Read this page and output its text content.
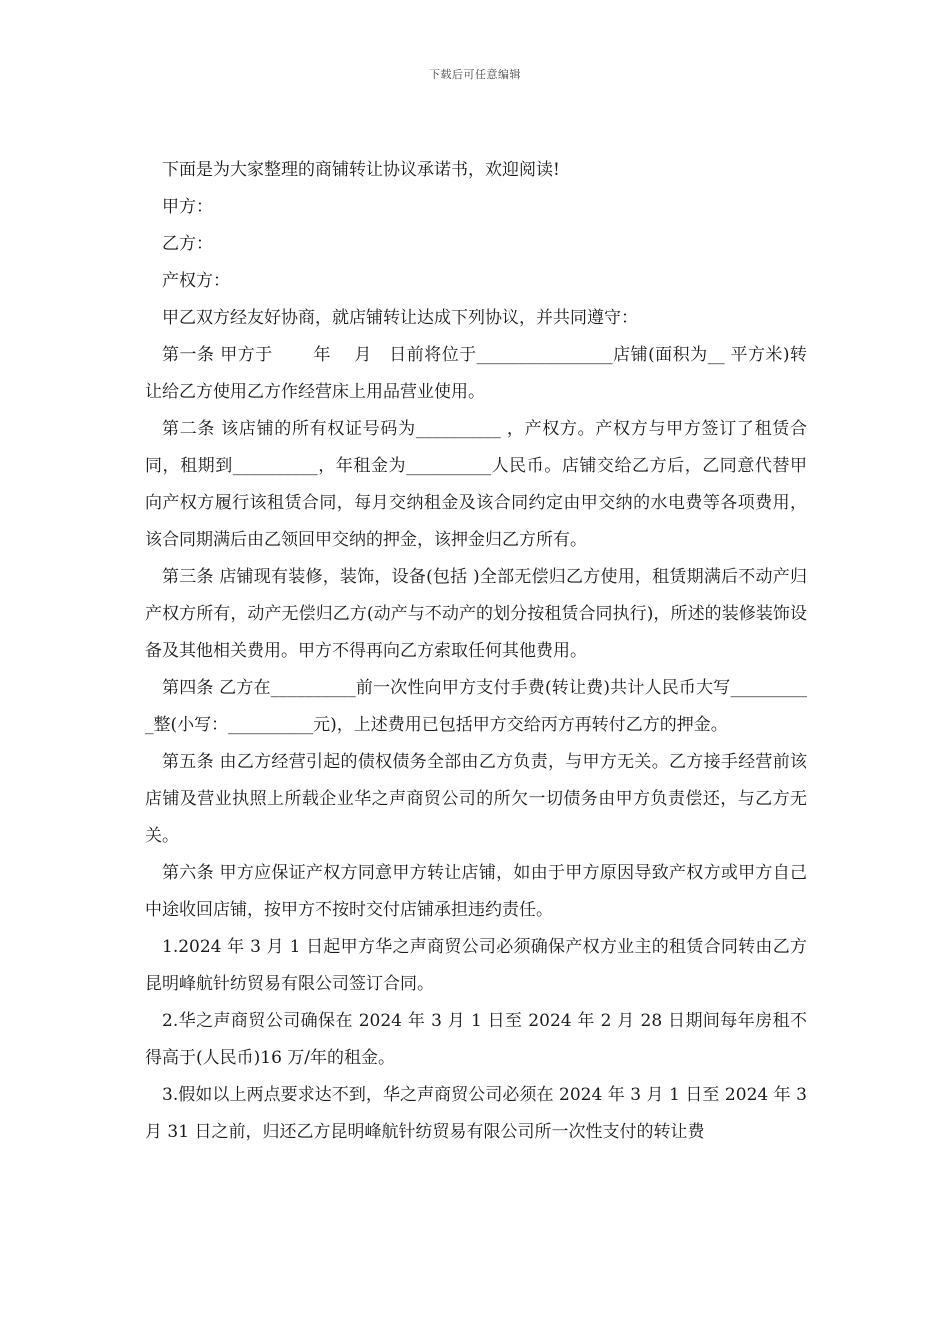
下载后可任意编辑

下面是为大家整理的商铺转让协议承诺书，欢迎阅读!

甲方：

乙方：

产权方：

甲乙双方经友好协商，就店铺转让达成下列协议，并共同遵守：

第一条 甲方于　　 年　 月　日前将位于________________店铺(面积为__ 平方米)转让给乙方使用乙方作经营床上用品营业使用。

第二条 该店铺的所有权证号码为__________ ，产权方。产权方与甲方签订了租赁合同，租期到__________，年租金为__________人民币。店铺交给乙方后，乙同意代替甲向产权方履行该租赁合同，每月交纳租金及该合同约定由甲交纳的水电费等各项费用，该合同期满后由乙领回甲交纳的押金，该押金归乙方所有。

第三条 店铺现有装修，装饰，设备(包括 )全部无偿归乙方使用，租赁期满后不动产归产权方所有，动产无偿归乙方(动产与不动产的划分按租赁合同执行)，所述的装修装饰设备及其他相关费用。甲方不得再向乙方索取任何其他费用。

第四条 乙方在__________前一次性向甲方支付手费(转让费)共计人民币大写__________整(小写：__________元)，上述费用已包括甲方交给丙方再转付乙方的押金。

第五条 由乙方经营引起的债权债务全部由乙方负责，与甲方无关。乙方接手经营前该店铺及营业执照上所载企业华之声商贸公司的所欠一切债务由甲方负责偿还，与乙方无关。

第六条 甲方应保证产权方同意甲方转让店铺，如由于甲方原因导致产权方或甲方自己中途收回店铺，按甲方不按时交付店铺承担违约责任。

1.2024 年 3 月 1 日起甲方华之声商贸公司必须确保产权方业主的租赁合同转由乙方昆明峰航针纺贸易有限公司签订合同。

2.华之声商贸公司确保在 2024 年 3 月 1 日至 2024 年 2 月 28 日期间每年房租不得高于(人民币)16 万/年的租金。

3.假如以上两点要求达不到，华之声商贸公司必须在 2024 年 3 月 1 日至 2024 年 3 月 31 日之前，归还乙方昆明峰航针纺贸易有限公司所一次性支付的转让费
